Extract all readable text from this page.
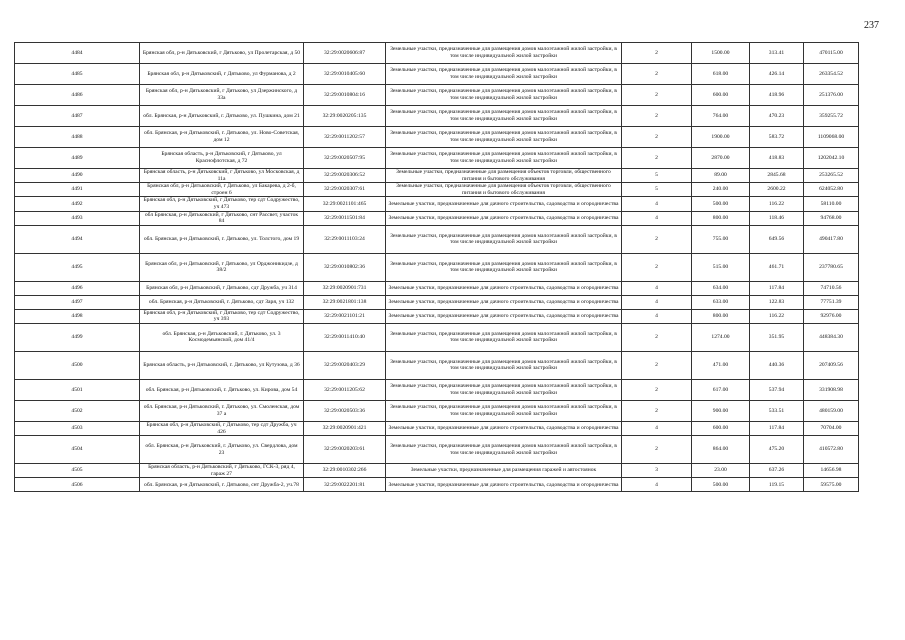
237
4484	Брянская обл, р-н Дятьковский, г Дятьково, ул Пролетарская, д 50	32:29:0020606:87	Земельные участки, предназначенные для размещения домов малоэтажной жилой застройки, в том числе индивидуальной жилой застройки	2	1500.00	313.41	470115.00
4485	Брянская обл, р-н Дятьковский, г Дятьково, ул Фурманова, д 2	32:29:0010405:60	Земельные участки, предназначенные для размещения домов малоэтажной жилой застройки, в том числе индивидуальной жилой застройки	2	618.00	426.14	263354.52
4486	Брянская обл, р-н Дятьковский, г Дятьково, ул Дзержинского, д 33а	32:29:0010804:16	Земельные участки, предназначенные для размещения домов малоэтажной жилой застройки, в том числе индивидуальной жилой застройки	2	600.00	418.96	251376.00
4487	обл. Брянская, р-н Дятьковский, г. Дятьково, ул. Пушкина, дом 21	32:29:0020205:135	Земельные участки, предназначенные для размещения домов малоэтажной жилой застройки, в том числе индивидуальной жилой застройки	2	764.00	470.23	359255.72
4488	обл. Брянская, р-н Дятьковский, г. Дятьково, ул. Ново-Советская, дом 12	32:29:0011202:57	Земельные участки, предназначенные для размещения домов малоэтажной жилой застройки, в том числе индивидуальной жилой застройки	2	1900.00	583.72	1109068.00
4489	Брянская область, р-н Дятьковский, г Дятьково, ул Краснофлотская, д 72	32:29:0020507:95	Земельные участки, предназначенные для размещения домов малоэтажной жилой застройки, в том числе индивидуальной жилой застройки	2	2870.00	418.83	1202042.10
4490	Брянская область, р-н Дятьковский, г Дятьково, ул Московская, д 11а	32:29:0020306:52	Земельные участки, предназначенные для размещения объектов торговли, общественного питания и бытового обслуживания	5	89.00	2845.68	253265.52
4491	Брянская обл, р-н Дятьковский, г Дятьково, ул Бакарева, д 2-б, строен 6	32:29:0020307:61	Земельные участки, предназначенные для размещения объектов торговли, общественного питания и бытового обслуживания	5	240.00	2600.22	624052.80
4492	Брянская обл, р-н Дятьковский, г Дятьково, тер сдт Содружество, уч 473	32:29:0021101:465	Земельные участки, предназначенные для дачного строительства, садоводства и огородничества	4	500.00	116.22	58110.00
4493	обл Брянская, р-н Дятьковский, г Дятьково, снт Рассвет, участок 84	32:29:0011501:84	Земельные участки, предназначенные для дачного строительства, садоводства и огородничества	4	800.00	118.46	94768.00
4494	обл. Брянская, р-н Дятьковский, г. Дятьково, ул. Толстого, дом 19	32:29:0011103:24	Земельные участки, предназначенные для размещения домов малоэтажной жилой застройки, в том числе индивидуальной жилой застройки	2	755.00	649.56	490417.80
4495	Брянская обл, р-н Дятьковский, г Дятьково, ул Орджоникидзе, д 38/2	32:29:0010802:36	Земельные участки, предназначенные для размещения домов малоэтажной жилой застройки, в том числе индивидуальной жилой застройки	2	515.00	461.71	237780.65
4496	Брянская обл, р-н Дятьковский, г Дятьково, сдт Дружба, уч 314	32:29:0020901:731	Земельные участки, предназначенные для дачного строительства, садоводства и огородничества	4	634.00	117.84	74710.56
4497	обл. Брянская, р-н Дятьковский, г. Дятьково, сдт Заря, уч 132	32:29:0021801:138	Земельные участки, предназначенные для дачного строительства, садоводства и огородничества	4	633.00	122.83	77751.39
4498	Брянская обл, р-н Дятьковский, г Дятьково, тер сдт Содружество, уч 393	32:29:0021101:21	Земельные участки, предназначенные для дачного строительства, садоводства и огородничества	4	800.00	116.22	92976.00
4499	обл. Брянская, р-н Дятьковский, г. Дятьково, ул. 3 Космодемьянской, дом 41/4	32:29:0011410:40	Земельные участки, предназначенные для размещения домов малоэтажной жилой застройки, в том числе индивидуальной жилой застройки	2	1274.00	351.95	448384.30
4500	Брянская область, р-н Дятьковский, г. Дятьково, ул Кутузова, д 36	32:29:0020403:29	Земельные участки, предназначенные для размещения домов малоэтажной жилой застройки, в том числе индивидуальной жилой застройки	2	471.00	440.36	207409.56
4501	обл. Брянская, р-н Дятьковский, г. Дятьково, ул. Кирова, дом 54	32:29:0011205:62	Земельные участки, предназначенные для размещения домов малоэтажной жилой застройки, в том числе индивидуальной жилой застройки	2	617.00	537.94	331908.98
4502	обл. Брянская, р-н Дятьковский, г. Дятьково, ул. Смоленская, дом 37 а	32:29:0020503:36	Земельные участки, предназначенные для размещения домов малоэтажной жилой застройки, в том числе индивидуальной жилой застройки	2	900.00	533.51	480159.00
4503	Брянская обл, р-н Дятьковский, г Дятьково, тер сдт Дружба, уч 426	32:29:0020901:421	Земельные участки, предназначенные для дачного строительства, садоводства и огородничества	4	600.00	117.84	70704.00
4504	обл. Брянская, р-н Дятьковский, г. Дятьково, ул. Свердлова, дом 23	32:29:0020203:61	Земельные участки, предназначенные для размещения домов малоэтажной жилой застройки, в том числе индивидуальной жилой застройки	2	864.00	475.20	410572.80
4505	Брянская область, р-н Дятьковский, г Дятьково, ГСК-3, ряд 4, гараж 27	32:29:0010302:266	Земельные участки, предназначенные для размещения гаражей и автостоянок	3	23.00	637.26	14656.98
4506	обл. Брянская, р-н Дятьковский, г. Дятьково, снт Дружба-2, уч.78	32:29:0022201:81	Земельные участки, предназначенные для дачного строительства, садоводства и огородничества	4	500.00	119.15	59575.00
